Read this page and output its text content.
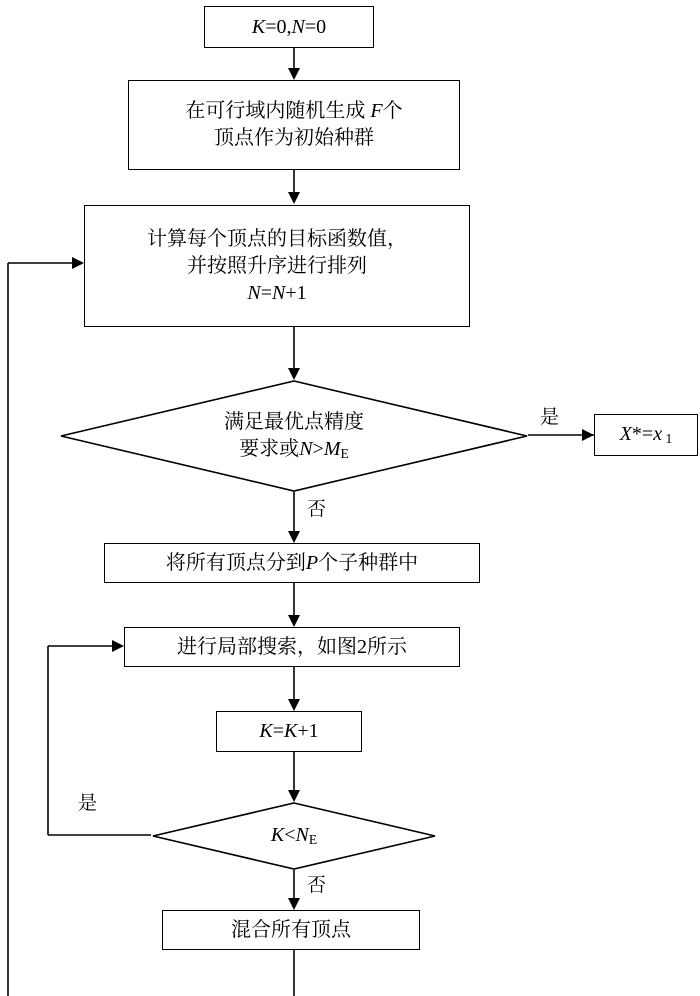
K=0,N=0
在可行域内随机生成 F个
顶点作为初始种群
计算每个顶点的目标函数值，
并按照升序进行排列
N=N+1
满足最优点精度
要求或$N>M_E$
X*=x $_1$
将所有顶点分到P个子种群中
进行局部搜索，如图2所示
K=K+1
$K<N_E$
混合所有顶点
是
否
是
否
